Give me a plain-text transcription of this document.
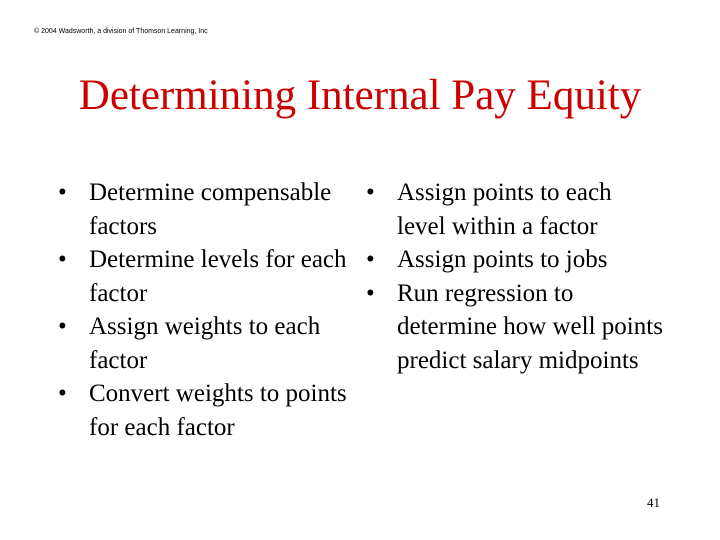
© 2004 Wadsworth, a division of Thomson Learning, Inc
Determining Internal Pay Equity
• Determine compensable factors
• Determine levels for each factor
• Assign weights to each factor
• Convert weights to points for each factor
• Assign points to each level within a factor
• Assign points to jobs
• Run regression to determine how well points predict salary midpoints
41
